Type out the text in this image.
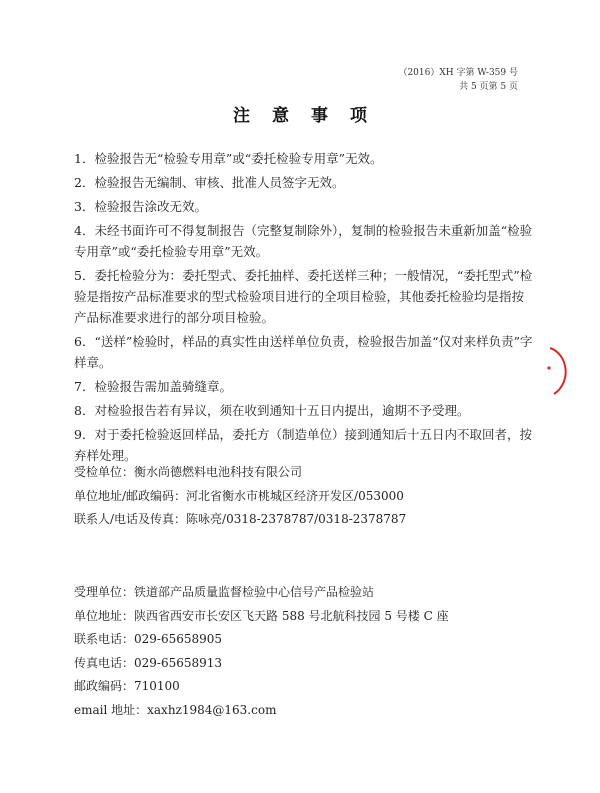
（2016）XH 字第 W-359 号
共 5 页第 5 页
注意事项

1．检验报告无“检验专用章”或“委托检验专用章”无效。

2．检验报告无编制、审核、批准人员签字无效。

3．检验报告涂改无效。

4．未经书面许可不得复制报告（完整复制除外），复制的检验报告未重新加盖“检验专用章”或“委托检验专用章”无效。

5．委托检验分为：委托型式、委托抽样、委托送样三种；一般情况，“委托型式”检验是指按产品标准要求的型式检验项目进行的全项目检验，其他委托检验均是指按产品标准要求进行的部分项目检验。

6．“送样”检验时，样品的真实性由送样单位负责，检验报告加盖“仅对来样负责”字样章。

7．检验报告需加盖骑缝章。

8．对检验报告若有异议，须在收到通知十五日内提出，逾期不予受理。

9．对于委托检验返回样品，委托方（制造单位）接到通知后十五日内不取回者，按弃样处理。

受检单位：衡水尚德燃料电池科技有限公司
单位地址/邮政编码：河北省衡水市桃城区经济开发区/053000
联系人/电话及传真：陈咏亮/0318-2378787/0318-2378787
受理单位：铁道部产品质量监督检验中心信号产品检验站
单位地址：陕西省西安市长安区飞天路 588 号北航科技园 5 号楼 C 座
联系电话：029-65658905
传真电话：029-65658913
邮政编码：710100
email 地址：xaxhz1984@163.com
